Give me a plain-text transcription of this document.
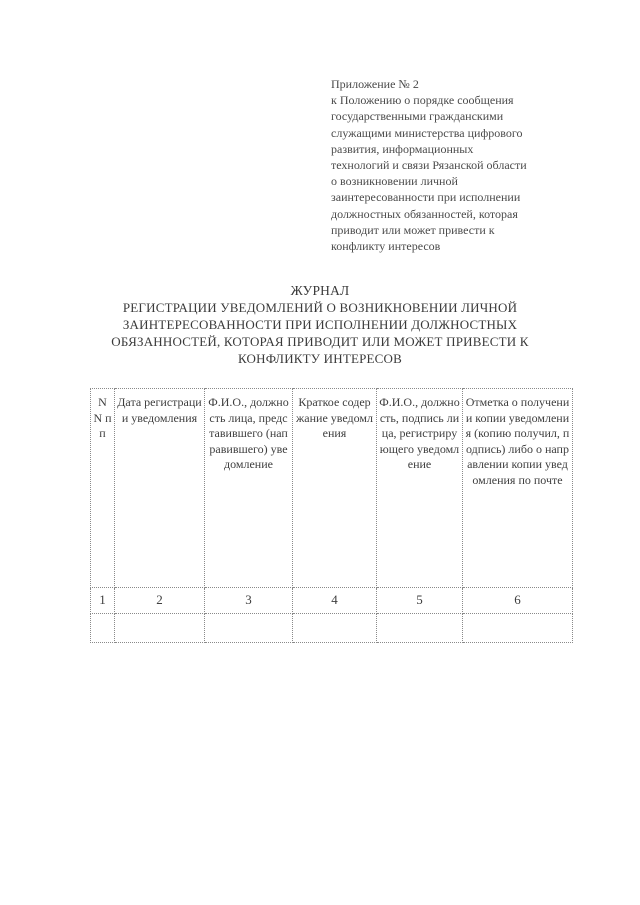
Приложение № 2
к Положению о порядке сообщения
государственными гражданскими
служащими министерства цифрового
развития, информационных
технологий и связи Рязанской области
о возникновении личной
заинтересованности при исполнении
должностных обязанностей, которая
приводит или может привести к
конфликту интересов
ЖУРНАЛ
РЕГИСТРАЦИИ УВЕДОМЛЕНИЙ О ВОЗНИКНОВЕНИИ ЛИЧНОЙ
ЗАИНТЕРЕСОВАННОСТИ ПРИ ИСПОЛНЕНИИ ДОЛЖНОСТНЫХ
ОБЯЗАННОСТЕЙ, КОТОРАЯ ПРИВОДИТ ИЛИ МОЖЕТ ПРИВЕСТИ К
КОНФЛИКТУ ИНТЕРЕСОВ
N N пп	Дата регистрации уведомления	Ф.И.О., должность лица, представившего (направившего) уведомление	Краткое содержание уведомления	Ф.И.О., должность, подпись лица, регистрирующего уведомление	Отметка о получении копии уведомления (копию получил, подпись) либо о направлении копии уведомления по почте
1	2	3	4	5	6
